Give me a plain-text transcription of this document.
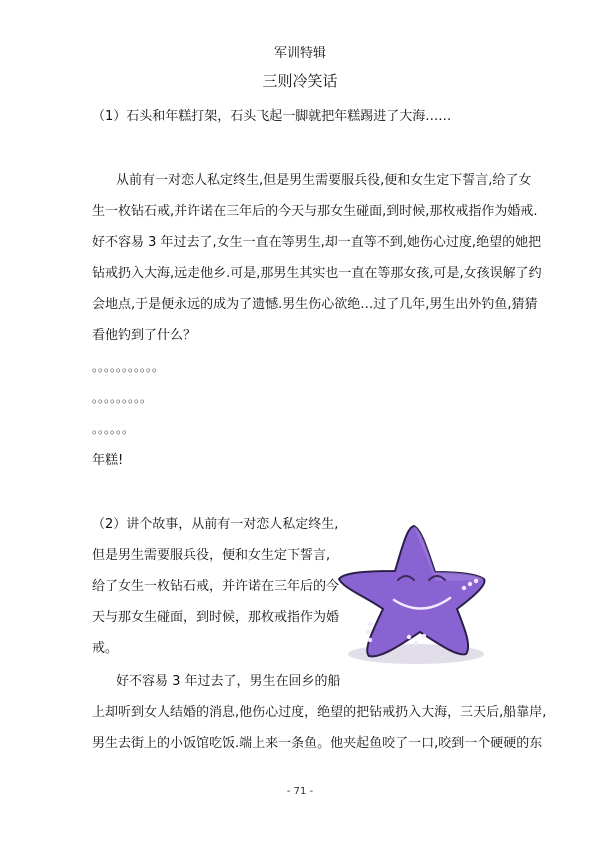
军训特辑
三则冷笑话
（1）石头和年糕打架，石头飞起一脚就把年糕踢进了大海……
从前有一对恋人私定终生,但是男生需要服兵役,便和女生定下誓言,给了女
生一枚钻石戒,并许诺在三年后的今天与那女生碰面,到时候,那枚戒指作为婚戒.
好不容易 3 年过去了,女生一直在等男生,却一直等不到,她伤心过度,绝望的她把
钻戒扔入大海,远走他乡.可是,那男生其实也一直在等那女孩,可是,女孩误解了约
会地点,于是便永远的成为了遗憾.男生伤心欲绝…过了几年,男生出外钓鱼,猜猜
看他钓到了什么？
。。。。。。。。。。。
。。。。。。。。。
。。。。。。
年糕!
（2）讲个故事，从前有一对恋人私定终生,
但是男生需要服兵役，便和女生定下誓言,
给了女生一枚钻石戒，并许诺在三年后的今
天与那女生碰面，到时候，那枚戒指作为婚
戒。
好不容易 3 年过去了，男生在回乡的船
上却听到女人结婚的消息,他伤心过度，绝望的把钻戒扔入大海，三天后,船靠岸,
男生去街上的小饭馆吃饭.端上来一条鱼。他夹起鱼咬了一口,咬到一个硬硬的东
- 71 -
